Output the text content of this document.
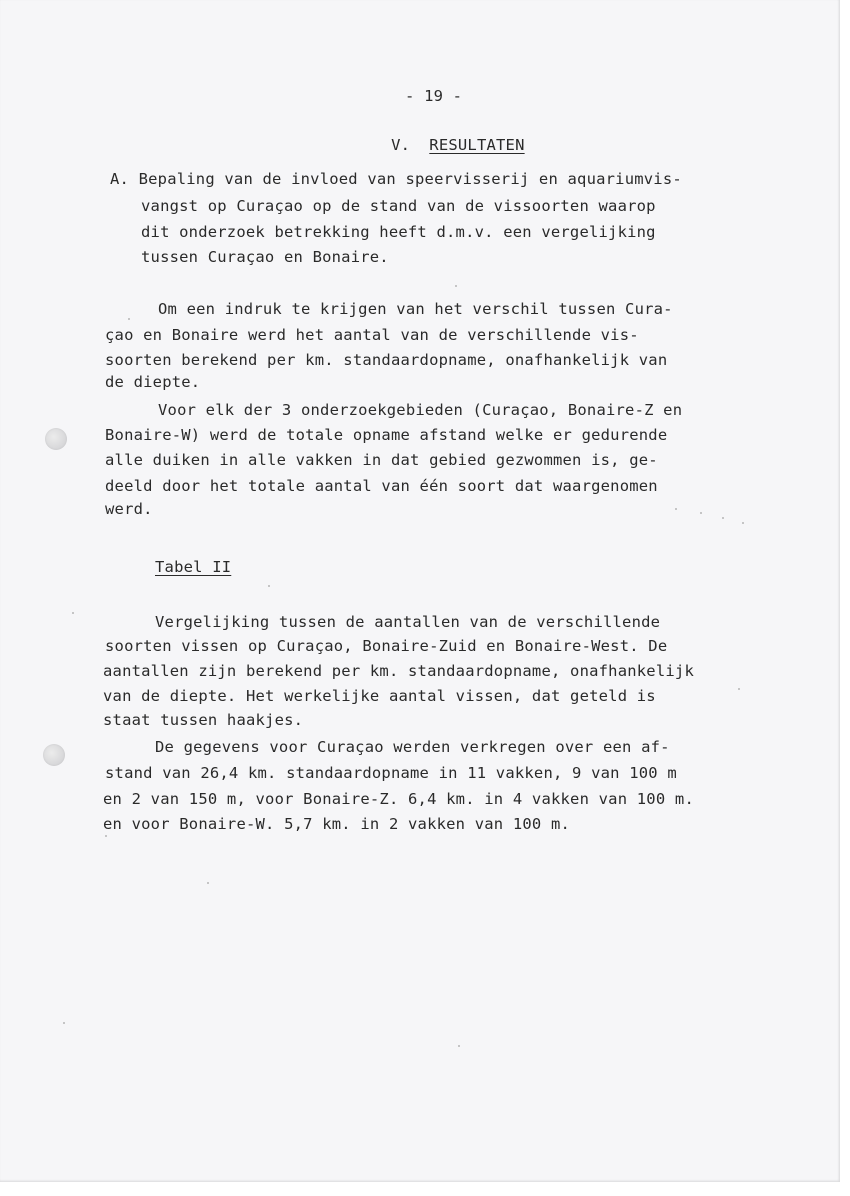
- 19 -

V. RESULTATEN

A. Bepaling van de invloed van speervisserij en aquariumvis-
vangst op Curaçao op de stand van de vissoorten waarop
dit onderzoek betrekking heeft d.m.v. een vergelijking
tussen Curaçao en Bonaire.
Om een indruk te krijgen van het verschil tussen Cura-
çao en Bonaire werd het aantal van de verschillende vis-
soorten berekend per km. standaardopname, onafhankelijk van
de diepte.
Voor elk der 3 onderzoekgebieden (Curaçao, Bonaire-Z en
Bonaire-W) werd de totale opname afstand welke er gedurende
alle duiken in alle vakken in dat gebied gezwommen is, ge-
deeld door het totale aantal van één soort dat waargenomen
werd.
Tabel II
Vergelijking tussen de aantallen van de verschillende
soorten vissen op Curaçao, Bonaire-Zuid en Bonaire-West. De
aantallen zijn berekend per km. standaardopname, onafhankelijk
van de diepte. Het werkelijke aantal vissen, dat geteld is
staat tussen haakjes.
De gegevens voor Curaçao werden verkregen over een af-
stand van 26,4 km. standaardopname in 11 vakken, 9 van 100 m
en 2 van 150 m, voor Bonaire-Z. 6,4 km. in 4 vakken van 100 m.
en voor Bonaire-W. 5,7 km. in 2 vakken van 100 m.
